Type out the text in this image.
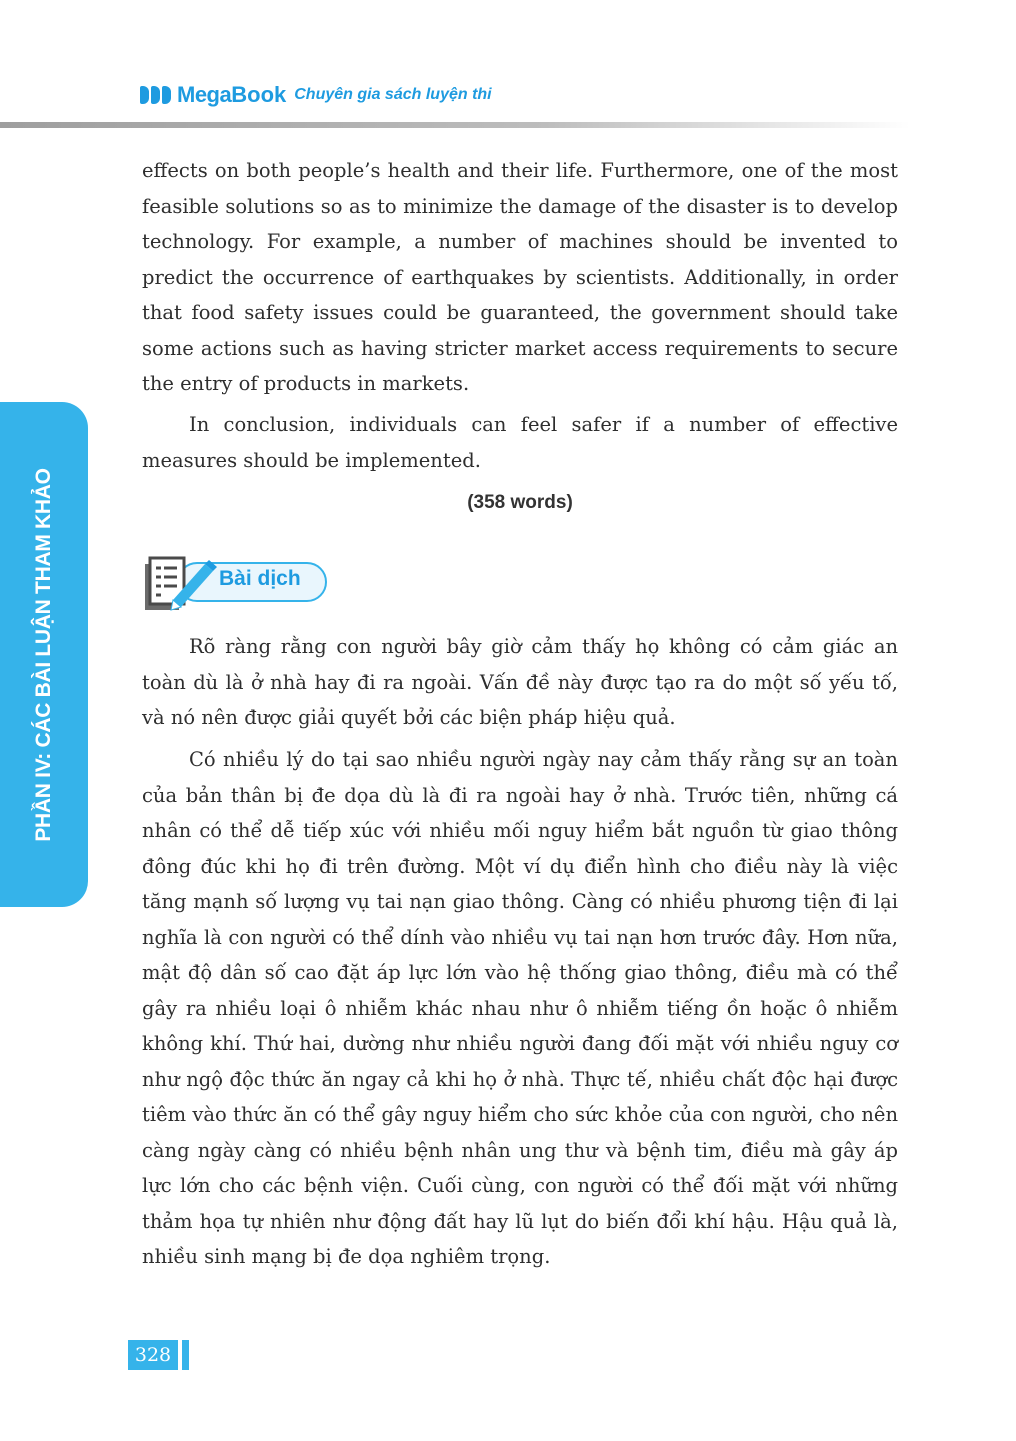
Mega Book Chuyên gia sách luyện thi
PHẦN IV: CÁC BÀI LUẬN THAM KHẢO

effects on both people’s health and their life. Furthermore, one of the most feasible solutions so as to minimize the damage of the disaster is to develop technology. For example, a number of machines should be invented to predict the occurrence of earthquakes by scientists. Additionally, in order that food safety issues could be guaranteed, the government should take some actions such as having stricter market access requirements to secure the entry of products in markets.

In conclusion, individuals can feel safer if a number of effective measures should be implemented.

(358 words)
Bài dịch

Rõ ràng rằng con người bây giờ cảm thấy họ không có cảm giác an toàn dù là ở nhà hay đi ra ngoài. Vấn đề này được tạo ra do một số yếu tố, và nó nên được giải quyết bởi các biện pháp hiệu quả.

Có nhiều lý do tại sao nhiều người ngày nay cảm thấy rằng sự an toàn của bản thân bị đe dọa dù là đi ra ngoài hay ở nhà. Trước tiên, những cá nhân có thể dễ tiếp xúc với nhiều mối nguy hiểm bắt nguồn từ giao thông đông đúc khi họ đi trên đường. Một ví dụ điển hình cho điều này là việc tăng mạnh số lượng vụ tai nạn giao thông. Càng có nhiều phương tiện đi lại nghĩa là con người có thể dính vào nhiều vụ tai nạn hơn trước đây. Hơn nữa, mật độ dân số cao đặt áp lực lớn vào hệ thống giao thông, điều mà có thể gây ra nhiều loại ô nhiễm khác nhau như ô nhiễm tiếng ồn hoặc ô nhiễm không khí. Thứ hai, dường như nhiều người đang đối mặt với nhiều nguy cơ như ngộ độc thức ăn ngay cả khi họ ở nhà. Thực tế, nhiều chất độc hại được tiêm vào thức ăn có thể gây nguy hiểm cho sức khỏe của con người, cho nên càng ngày càng có nhiều bệnh nhân ung thư và bệnh tim, điều mà gây áp lực lớn cho các bệnh viện. Cuối cùng, con người có thể đối mặt với những thảm họa tự nhiên như động đất hay lũ lụt do biến đổi khí hậu. Hậu quả là, nhiều sinh mạng bị đe dọa nghiêm trọng.

328
